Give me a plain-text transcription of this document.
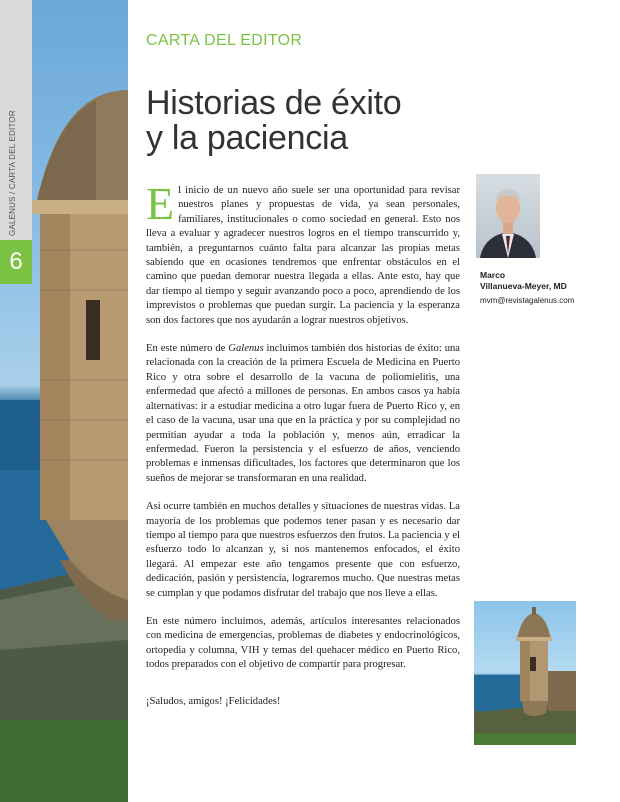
GALENUS / CARTA DEL EDITOR
6
CARTA DEL EDITOR
Historias de éxito
y la paciencia

E l inicio de un nuevo año suele ser una oportunidad para revisar nuestros planes y propuestas de vida, ya sean personales, familiares, institucionales o como sociedad en general. Esto nos lleva a evaluar y agradecer nuestros logros en el tiempo transcurrido y, también, a preguntarnos cuánto falta para alcanzar las propias metas sabiendo que en ocasiones tendremos que enfrentar obstáculos en el camino que puedan demorar nuestra llegada a ellas. Ante esto, hay que dar tiempo al tiempo y seguir avanzando poco a poco, aprendiendo de los imprevistos o problemas que puedan surgir. La paciencia y la esperanza son dos factores que nos ayudarán a lograr nuestros objetivos.

En este número de Galenus incluimos también dos historias de éxito: una relacionada con la creación de la primera Escuela de Medicina en Puerto Rico y otra sobre el desarrollo de la vacuna de poliomielitis, una enfermedad que afectó a millones de personas. En ambos casos ya había alternativas: ir a estudiar medicina a otro lugar fuera de Puerto Rico y, en el caso de la vacuna, usar una que en la práctica y por su complejidad no permitían ayudar a toda la población y, menos aún, erradicar la enfermedad. Fueron la persistencia y el esfuerzo de años, venciendo problemas e inmensas dificultades, los factores que determinaron que los sueños de mejorar se transformaran en una realidad.

Así ocurre también en muchos detalles y situaciones de nuestras vidas. La mayoría de los problemas que podemos tener pasan y es necesario dar tiempo al tiempo para que nuestros esfuerzos den frutos. La paciencia y el esfuerzo todo lo alcanzan y, si nos mantenemos enfocados, el éxito llegará. Al empezar este año tengamos presente que con esfuerzo, dedicación, pasión y persistencia, lograremos mucho. Que nuestras metas se cumplan y que podamos disfrutar del trabajo que nos lleve a ellas.

En este número incluimos, además, artículos interesantes relacionados con medicina de emergencias, problemas de diabetes y endocrinológicos, ortopedia y columna, VIH y temas del quehacer médico en Puerto Rico, todos preparados con el objetivo de compartir para progresar.

¡Saludos, amigos! ¡Felicidades!

Marco
Villanueva-Meyer, MD
mvm@revistagalenus.com
